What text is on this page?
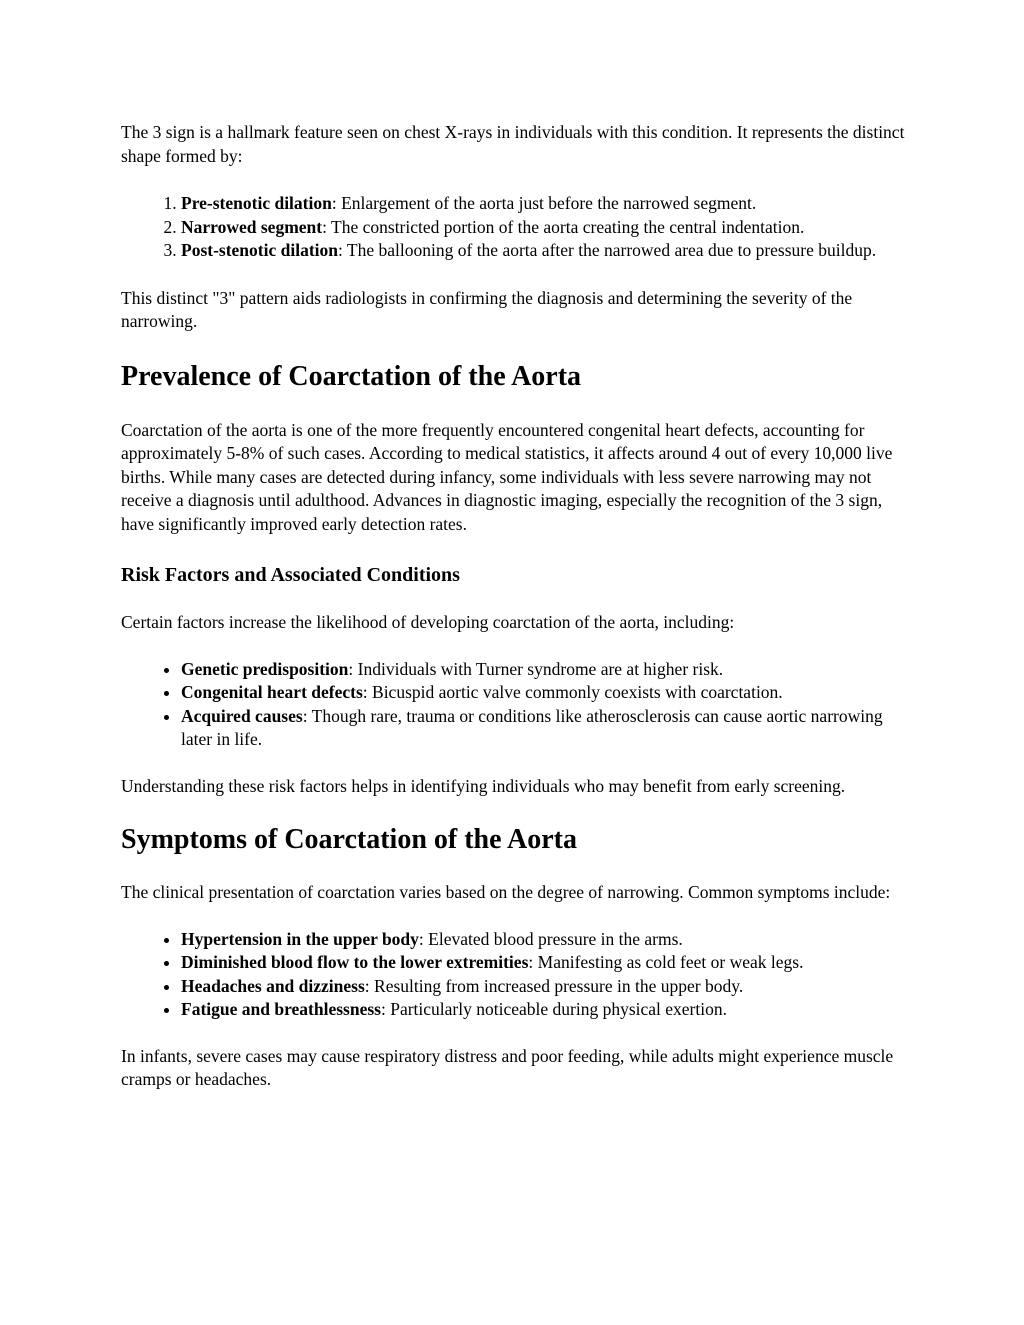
The 3 sign is a hallmark feature seen on chest X-rays in individuals with this condition. It represents the distinct shape formed by:

1. Pre-stenotic dilation: Enlargement of the aorta just before the narrowed segment.
2. Narrowed segment: The constricted portion of the aorta creating the central indentation.
3. Post-stenotic dilation: The ballooning of the aorta after the narrowed area due to pressure buildup.

This distinct "3" pattern aids radiologists in confirming the diagnosis and determining the severity of the narrowing.

Prevalence of Coarctation of the Aorta

Coarctation of the aorta is one of the more frequently encountered congenital heart defects, accounting for approximately 5-8% of such cases. According to medical statistics, it affects around 4 out of every 10,000 live births. While many cases are detected during infancy, some individuals with less severe narrowing may not receive a diagnosis until adulthood. Advances in diagnostic imaging, especially the recognition of the 3 sign, have significantly improved early detection rates.

Risk Factors and Associated Conditions

Certain factors increase the likelihood of developing coarctation of the aorta, including:

• Genetic predisposition: Individuals with Turner syndrome are at higher risk.
• Congenital heart defects: Bicuspid aortic valve commonly coexists with coarctation.
• Acquired causes: Though rare, trauma or conditions like atherosclerosis can cause aortic narrowing later in life.

Understanding these risk factors helps in identifying individuals who may benefit from early screening.

Symptoms of Coarctation of the Aorta

The clinical presentation of coarctation varies based on the degree of narrowing. Common symptoms include:

• Hypertension in the upper body: Elevated blood pressure in the arms.
• Diminished blood flow to the lower extremities: Manifesting as cold feet or weak legs.
• Headaches and dizziness: Resulting from increased pressure in the upper body.
• Fatigue and breathlessness: Particularly noticeable during physical exertion.

In infants, severe cases may cause respiratory distress and poor feeding, while adults might experience muscle cramps or headaches.
